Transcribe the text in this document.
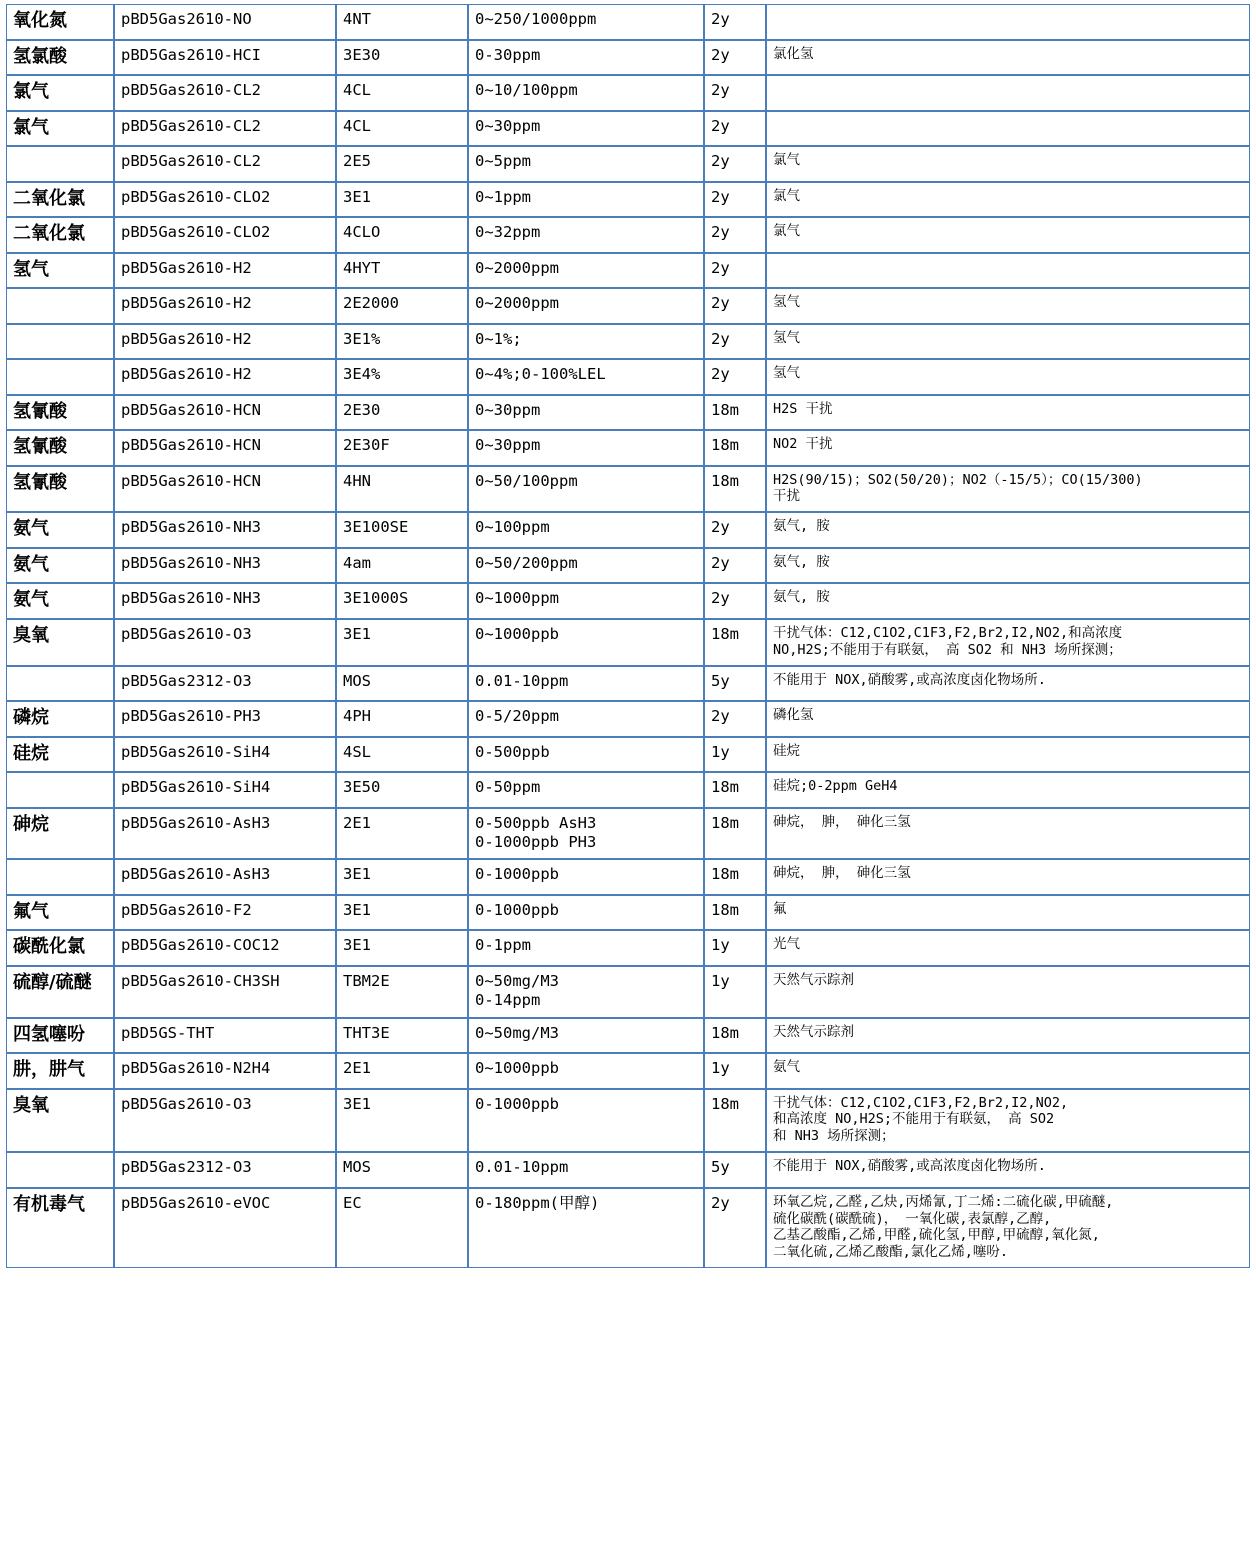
氧化氮	pBD5Gas2610-NO	4NT	0~250/1000ppm	2y	

氢氯酸	pBD5Gas2610-HCI	3E30	0-30ppm	2y	氯化氢

氯气	pBD5Gas2610-CL2	4CL	0~10/100ppm	2y	

氯气	pBD5Gas2610-CL2	4CL	0~30ppm	2y	

	pBD5Gas2610-CL2	2E5	0~5ppm	2y	氯气

二氧化氯	pBD5Gas2610-CLO2	3E1	0~1ppm	2y	氯气

二氧化氯	pBD5Gas2610-CLO2	4CLO	0~32ppm	2y	氯气

氢气	pBD5Gas2610-H2	4HYT	0~2000ppm	2y	

	pBD5Gas2610-H2	2E2000	0~2000ppm	2y	氢气

	pBD5Gas2610-H2	3E1%	0~1%;	2y	氢气

	pBD5Gas2610-H2	3E4%	0~4%;0-100%LEL	2y	氢气

氢氰酸	pBD5Gas2610-HCN	2E30	0~30ppm	18m	H2S 干扰

氢氰酸	pBD5Gas2610-HCN	2E30F	0~30ppm	18m	NO2 干扰

氢氰酸	pBD5Gas2610-HCN	4HN	0~50/100ppm	18m	H2S(90/15)；SO2(50/20)；NO2（-15/5）；CO(15/300)
干扰

氨气	pBD5Gas2610-NH3	3E100SE	0~100ppm	2y	氨气, 胺

氨气	pBD5Gas2610-NH3	4am	0~50/200ppm	2y	氨气, 胺

氨气	pBD5Gas2610-NH3	3E1000S	0~1000ppm	2y	氨气, 胺

臭氧	pBD5Gas2610-O3	3E1	0~1000ppb	18m	干扰气体：C12,C1O2,C1F3,F2,Br2,I2,NO2,和高浓度
NO,H2S;不能用于有联氨， 高 SO2 和 NH3 场所探测；

	pBD5Gas2312-O3	MOS	0.01-10ppm	5y	不能用于 NOX,硝酸雾,或高浓度卤化物场所.

磷烷	pBD5Gas2610-PH3	4PH	0-5/20ppm	2y	磷化氢

硅烷	pBD5Gas2610-SiH4	4SL	0-500ppb	1y	硅烷

	pBD5Gas2610-SiH4	3E50	0-50ppm	18m	硅烷;0-2ppm GeH4

砷烷	pBD5Gas2610-AsH3	2E1	0-500ppb AsH3
0-1000ppb PH3	18m	砷烷， 胂， 砷化三氢

	pBD5Gas2610-AsH3	3E1	0-1000ppb	18m	砷烷， 胂， 砷化三氢

氟气	pBD5Gas2610-F2	3E1	0-1000ppb	18m	氟

碳酰化氯	pBD5Gas2610-COC12	3E1	0-1ppm	1y	光气

硫醇/硫醚	pBD5Gas2610-CH3SH	TBM2E	0~50mg/M3
0-14ppm	1y	天然气示踪剂

四氢噻吩	pBD5GS-THT	THT3E	0~50mg/M3	18m	天然气示踪剂

肼，肼气	pBD5Gas2610-N2H4	2E1	0~1000ppb	1y	氨气

臭氧	pBD5Gas2610-O3	3E1	0-1000ppb	18m	干扰气体：C12,C1O2,C1F3,F2,Br2,I2,NO2,
和高浓度 NO,H2S;不能用于有联氨， 高 SO2
和 NH3 场所探测；

	pBD5Gas2312-O3	MOS	0.01-10ppm	5y	不能用于 NOX,硝酸雾,或高浓度卤化物场所.

有机毒气	pBD5Gas2610-eVOC	EC	0-180ppm(甲醇)	2y	环氧乙烷,乙醛,乙炔,丙烯氰,丁二烯:二硫化碳,甲硫醚,
硫化碳酰(碳酰硫)， 一氧化碳,表氯醇,乙醇,
乙基乙酸酯,乙烯,甲醛,硫化氢,甲醇,甲硫醇,氧化氮,
二氧化硫,乙烯乙酸酯,氯化乙烯,噻吩.
